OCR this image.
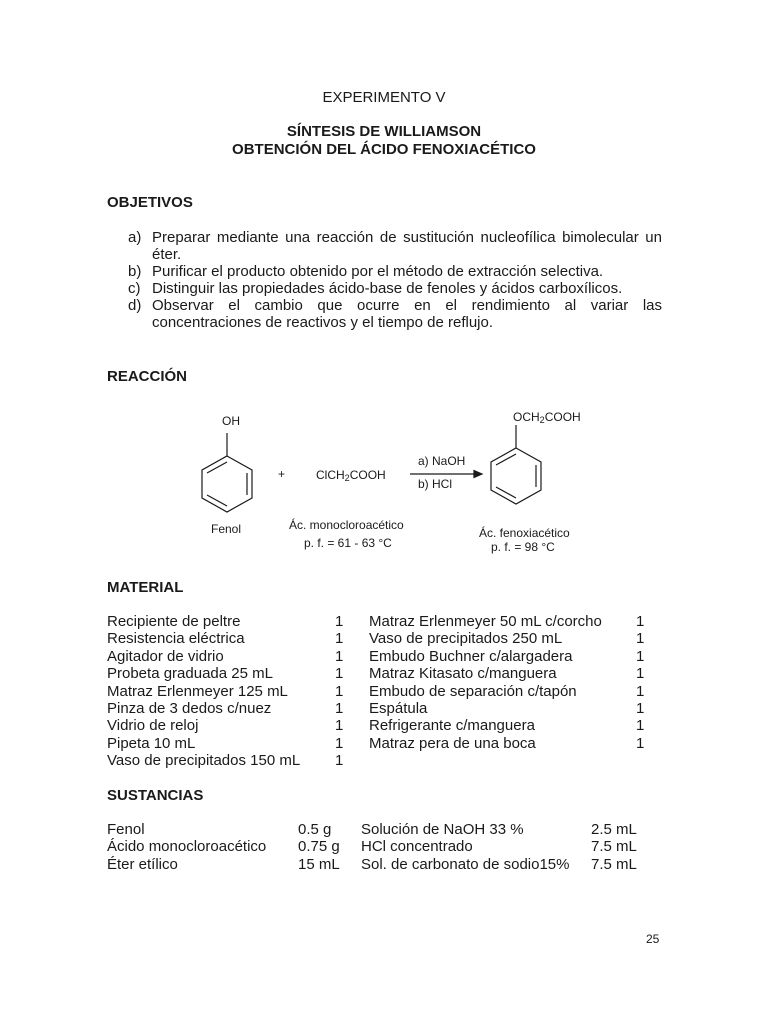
EXPERIMENTO V
SÍNTESIS DE WILLIAMSON
OBTENCIÓN DEL ÁCIDO FENOXIACÉTICO
OBJETIVOS
a) Preparar mediante una reacción de sustitución nucleofílica bimolecular un
éter.
b) Purificar el producto obtenido por el método de extracción selectiva.
c) Distinguir las propiedades ácido-base de fenoles y ácidos carboxílicos.
d) Observar el cambio que ocurre en el rendimiento al variar las
concentraciones de reactivos y el tiempo de reflujo.
REACCIÓN
OH
+	ClCH$_2$COOH
a) NaOH
b) HCl
$OCH_2COOH$
Fenol	Ác. monocloroacético
p. f. = 61 - 63 °C
Ác. fenoxiacético
p. f. = 98 °C
MATERIAL
Recipiente de peltre	1
Resistencia eléctrica	1
Agitador de vidrio	1
Probeta graduada 25 mL	1
Matraz Erlenmeyer 125 mL	1
Pinza de 3 dedos c/nuez	1
Vidrio de reloj	1
Pipeta 10 mL	1
Vaso de precipitados 150 mL	1
Matraz Erlenmeyer 50 mL c/corcho	1
Vaso de precipitados 250 mL	1
Embudo Buchner c/alargadera	1
Matraz Kitasato c/manguera	1
Embudo de separación c/tapón	1
Espátula	1
Refrigerante c/manguera	1
Matraz pera de una boca	1
SUSTANCIAS
Fenol	0.5 g
Ácido monocloroacético	0.75 g
Éter etílico	15 mL
Solución de NaOH 33 %	2.5 mL
HCl concentrado	7.5 mL
Sol. de carbonato de sodio15%	7.5 mL
25
